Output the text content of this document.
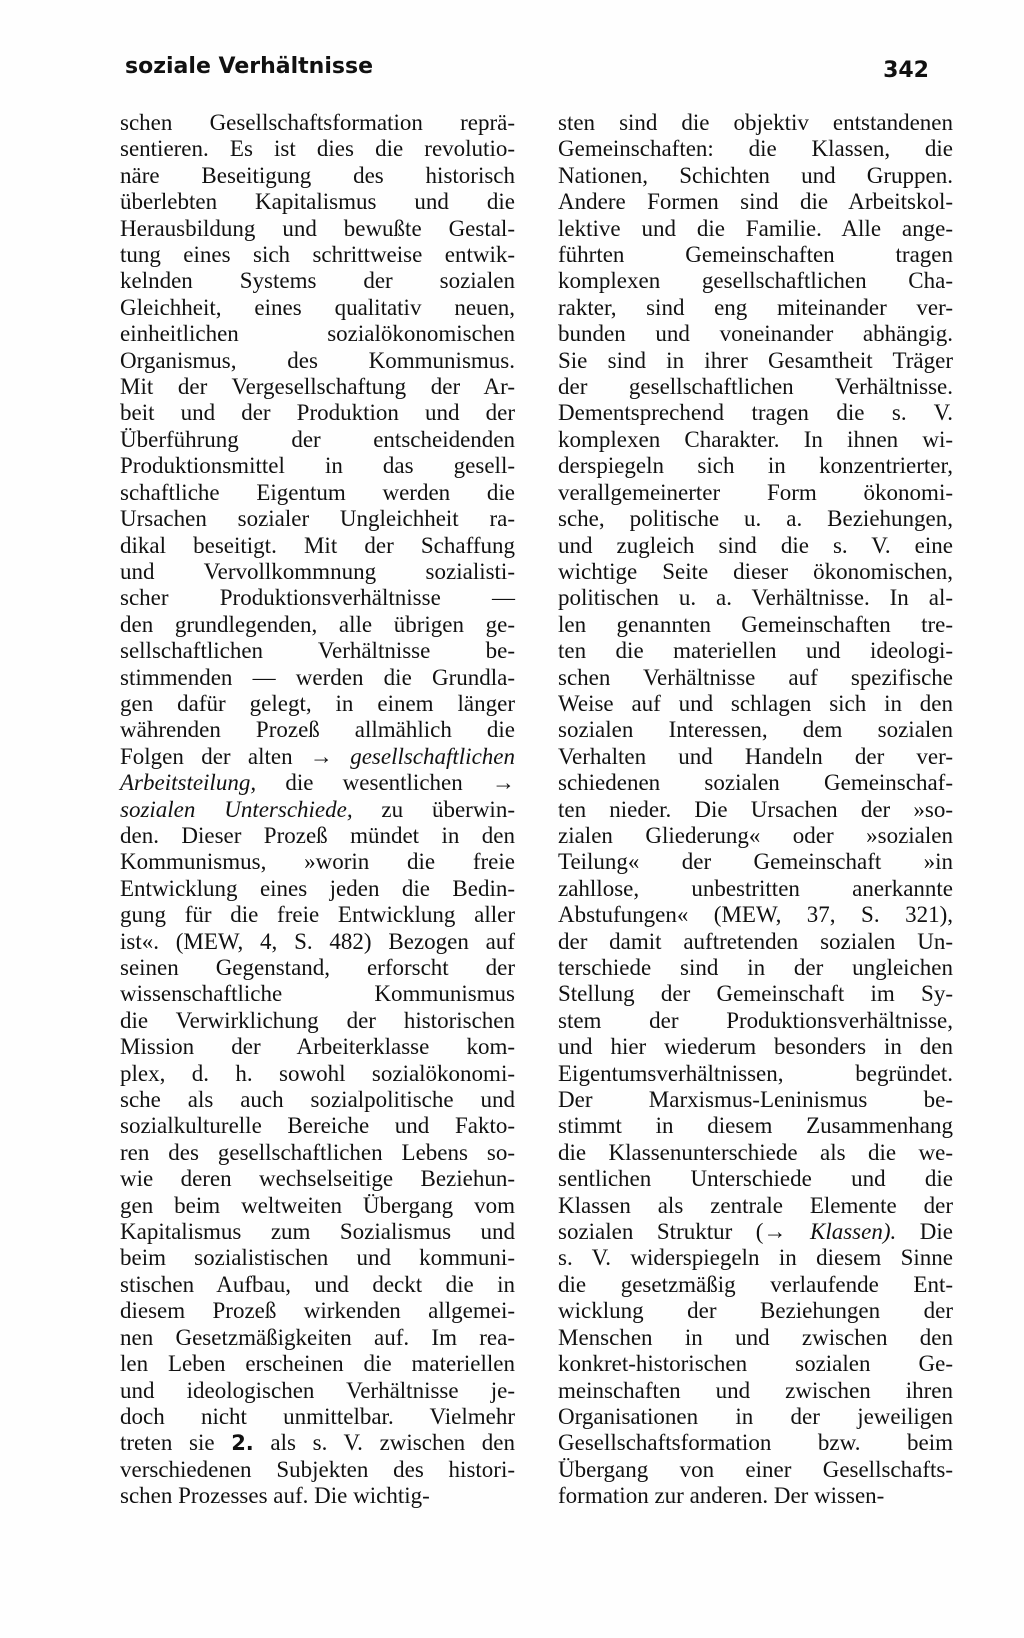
soziale Verhältnisse	342
schen Gesellschaftsformation reprä-
sentieren. Es ist dies die revolutio-
näre Beseitigung des historisch
überlebten Kapitalismus und die
Herausbildung und bewußte Gestal-
tung eines sich schrittweise entwik-
kelnden Systems der sozialen
Gleichheit, eines qualitativ neuen,
einheitlichen sozialökonomischen
Organismus, des Kommunismus.
Mit der Vergesellschaftung der Ar-
beit und der Produktion und der
Überführung der entscheidenden
Produktionsmittel in das gesell-
schaftliche Eigentum werden die
Ursachen sozialer Ungleichheit ra-
dikal beseitigt. Mit der Schaffung
und Vervollkommnung sozialisti-
scher Produktionsverhältnisse —
den grundlegenden, alle übrigen ge-
sellschaftlichen Verhältnisse be-
stimmenden — werden die Grundla-
gen dafür gelegt, in einem länger
währenden Prozeß allmählich die
Folgen der alten → gesellschaftlichen
Arbeitsteilung, die wesentlichen →
sozialen Unterschiede, zu überwin-
den. Dieser Prozeß mündet in den
Kommunismus, »worin die freie
Entwicklung eines jeden die Bedin-
gung für die freie Entwicklung aller
ist«. (MEW, 4, S. 482) Bezogen auf
seinen Gegenstand, erforscht der
wissenschaftliche Kommunismus
die Verwirklichung der historischen
Mission der Arbeiterklasse kom-
plex, d. h. sowohl sozialökonomi-
sche als auch sozialpolitische und
sozialkulturelle Bereiche und Fakto-
ren des gesellschaftlichen Lebens so-
wie deren wechselseitige Beziehun-
gen beim weltweiten Übergang vom
Kapitalismus zum Sozialismus und
beim sozialistischen und kommuni-
stischen Aufbau, und deckt die in
diesem Prozeß wirkenden allgemei-
nen Gesetzmäßigkeiten auf. Im rea-
len Leben erscheinen die materiellen
und ideologischen Verhältnisse je-
doch nicht unmittelbar. Vielmehr
treten sie 2. als s. V. zwischen den
verschiedenen Subjekten des histori-
schen Prozesses auf. Die wichtig-
sten sind die objektiv entstandenen
Gemeinschaften: die Klassen, die
Nationen, Schichten und Gruppen.
Andere Formen sind die Arbeitskol-
lektive und die Familie. Alle ange-
führten Gemeinschaften tragen
komplexen gesellschaftlichen Cha-
rakter, sind eng miteinander ver-
bunden und voneinander abhängig.
Sie sind in ihrer Gesamtheit Träger
der gesellschaftlichen Verhältnisse.
Dementsprechend tragen die s. V.
komplexen Charakter. In ihnen wi-
derspiegeln sich in konzentrierter,
verallgemeinerter Form ökonomi-
sche, politische u. a. Beziehungen,
und zugleich sind die s. V. eine
wichtige Seite dieser ökonomischen,
politischen u. a. Verhältnisse. In al-
len genannten Gemeinschaften tre-
ten die materiellen und ideologi-
schen Verhältnisse auf spezifische
Weise auf und schlagen sich in den
sozialen Interessen, dem sozialen
Verhalten und Handeln der ver-
schiedenen sozialen Gemeinschaf-
ten nieder. Die Ursachen der »so-
zialen Gliederung« oder »sozialen
Teilung« der Gemeinschaft »in
zahllose, unbestritten anerkannte
Abstufungen« (MEW, 37, S. 321),
der damit auftretenden sozialen Un-
terschiede sind in der ungleichen
Stellung der Gemeinschaft im Sy-
stem der Produktionsverhältnisse,
und hier wiederum besonders in den
Eigentumsverhältnissen, begründet.
Der Marxismus-Leninismus be-
stimmt in diesem Zusammenhang
die Klassenunterschiede als die we-
sentlichen Unterschiede und die
Klassen als zentrale Elemente der
sozialen Struktur (→ Klassen). Die
s. V. widerspiegeln in diesem Sinne
die gesetzmäßig verlaufende Ent-
wicklung der Beziehungen der
Menschen in und zwischen den
konkret-historischen sozialen Ge-
meinschaften und zwischen ihren
Organisationen in der jeweiligen
Gesellschaftsformation bzw. beim
Übergang von einer Gesellschafts-
formation zur anderen. Der wissen-
